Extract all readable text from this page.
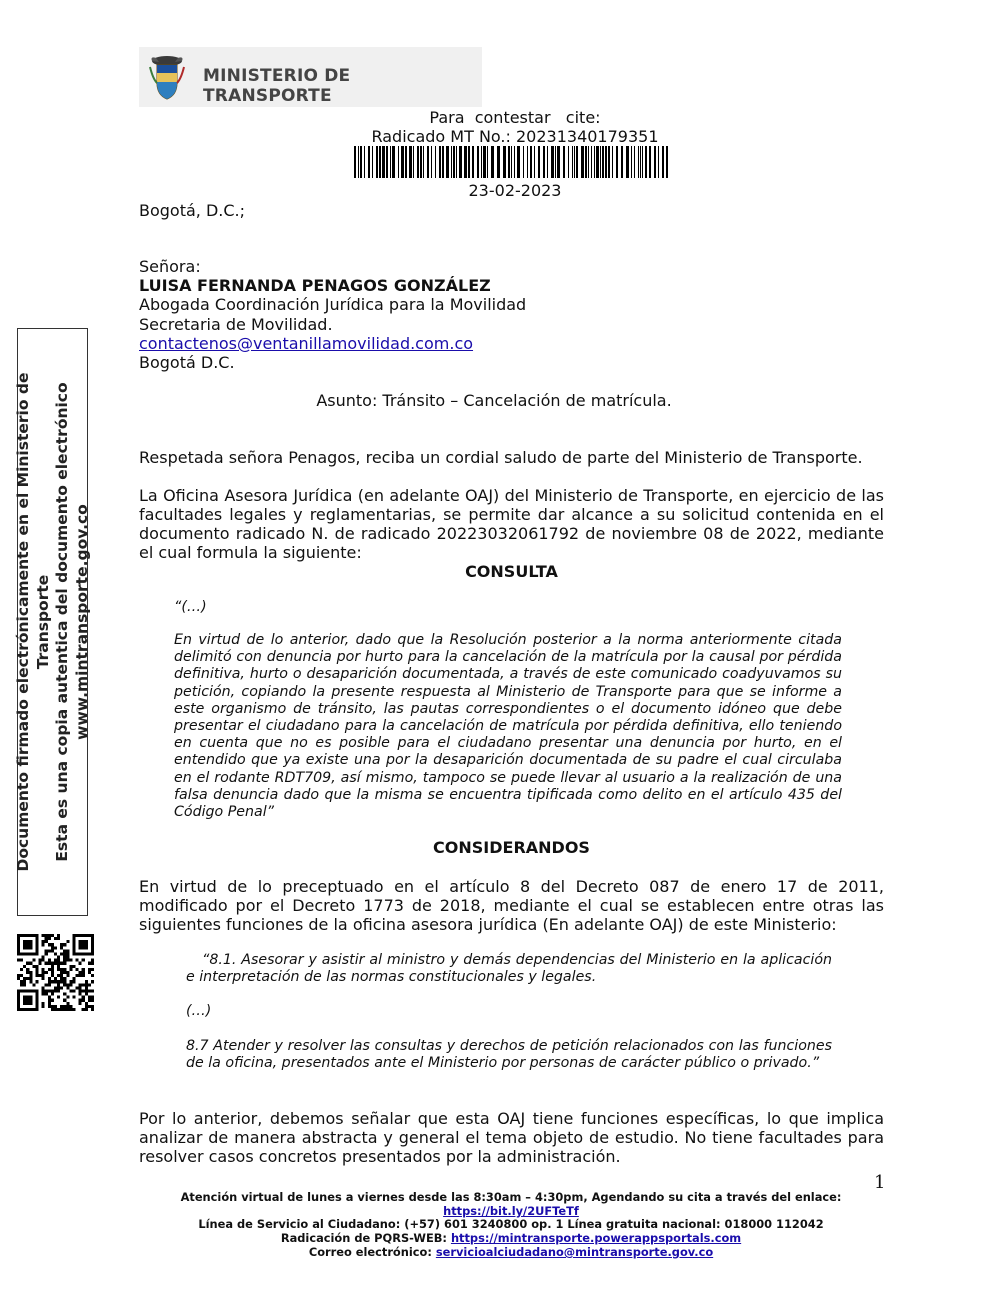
MINISTERIO DE TRANSPORTE
Para  contestar   cite:
Radicado MT No.: 20231340179351
23-02-2023
Bogotá, D.C.;
Señora:
LUISA FERNANDA PENAGOS GONZÁLEZ
Abogada Coordinación Jurídica para la Movilidad
Secretaria de Movilidad.
contactenos@ventanillamovilidad.com.co
Bogotá D.C.
Asunto: Tránsito – Cancelación de matrícula.
Respetada señora Penagos, reciba un cordial saludo de parte del Ministerio de Transporte.
La Oficina Asesora Jurídica (en adelante OAJ) del Ministerio de Transporte, en ejercicio de las facultades legales y reglamentarias, se permite dar alcance a su solicitud contenida en el documento radicado N. de radicado 20223032061792 de noviembre 08 de 2022, mediante el cual formula la siguiente:
CONSULTA
“(…)
En virtud de lo anterior, dado que la Resolución posterior a la norma anteriormente citada delimitó con denuncia por hurto para la cancelación de la matrícula por la causal por pérdida definitiva, hurto o desaparición documentada, a través de este comunicado coadyuvamos su petición, copiando la presente respuesta al Ministerio de Transporte para que se informe a este organismo de tránsito, las pautas correspondientes o el documento idóneo que debe presentar el ciudadano para la cancelación de matrícula por pérdida definitiva, ello teniendo en cuenta que no es posible para el ciudadano presentar una denuncia por hurto, en el entendido que ya existe una por la desaparición documentada de su padre el cual circulaba en el rodante RDT709, así mismo, tampoco se puede llevar al usuario a la realización de una falsa denuncia dado que la misma se encuentra tipificada como delito en el artículo 435 del Código Penal”
CONSIDERANDOS
En virtud de lo preceptuado en el artículo 8 del Decreto 087 de enero 17 de 2011, modificado por el Decreto 1773 de 2018, mediante el cual se establecen entre otras las siguientes funciones de la oficina asesora jurídica (En adelante OAJ) de este Ministerio:
“8.1. Asesorar y asistir al ministro y demás dependencias del Ministerio en la aplicación e interpretación de las normas constitucionales y legales.
(…)
8.7 Atender y resolver las consultas y derechos de petición relacionados con las funciones de la oficina, presentados ante el Ministerio por personas de carácter público o privado.”
Por lo anterior, debemos señalar que esta OAJ tiene funciones específicas, lo que implica analizar de manera abstracta y general el tema objeto de estudio. No tiene facultades para resolver casos concretos presentados por la administración.
1
Atención virtual de lunes a viernes desde las 8:30am – 4:30pm, Agendando su cita a través del enlace:
https://bit.ly/2UFTeTf
Línea de Servicio al Ciudadano: (+57) 601 3240800 op. 1 Línea gratuita nacional: 018000 112042
Radicación de PQRS-WEB: https://mintransporte.powerappsportals.com
Correo electrónico: servicioalciudadano@mintransporte.gov.co
Documento firmado electrónicamente en el Ministerio de Transporte Esta es una copia autentica del documento electrónico www.mintransporte.gov.co
